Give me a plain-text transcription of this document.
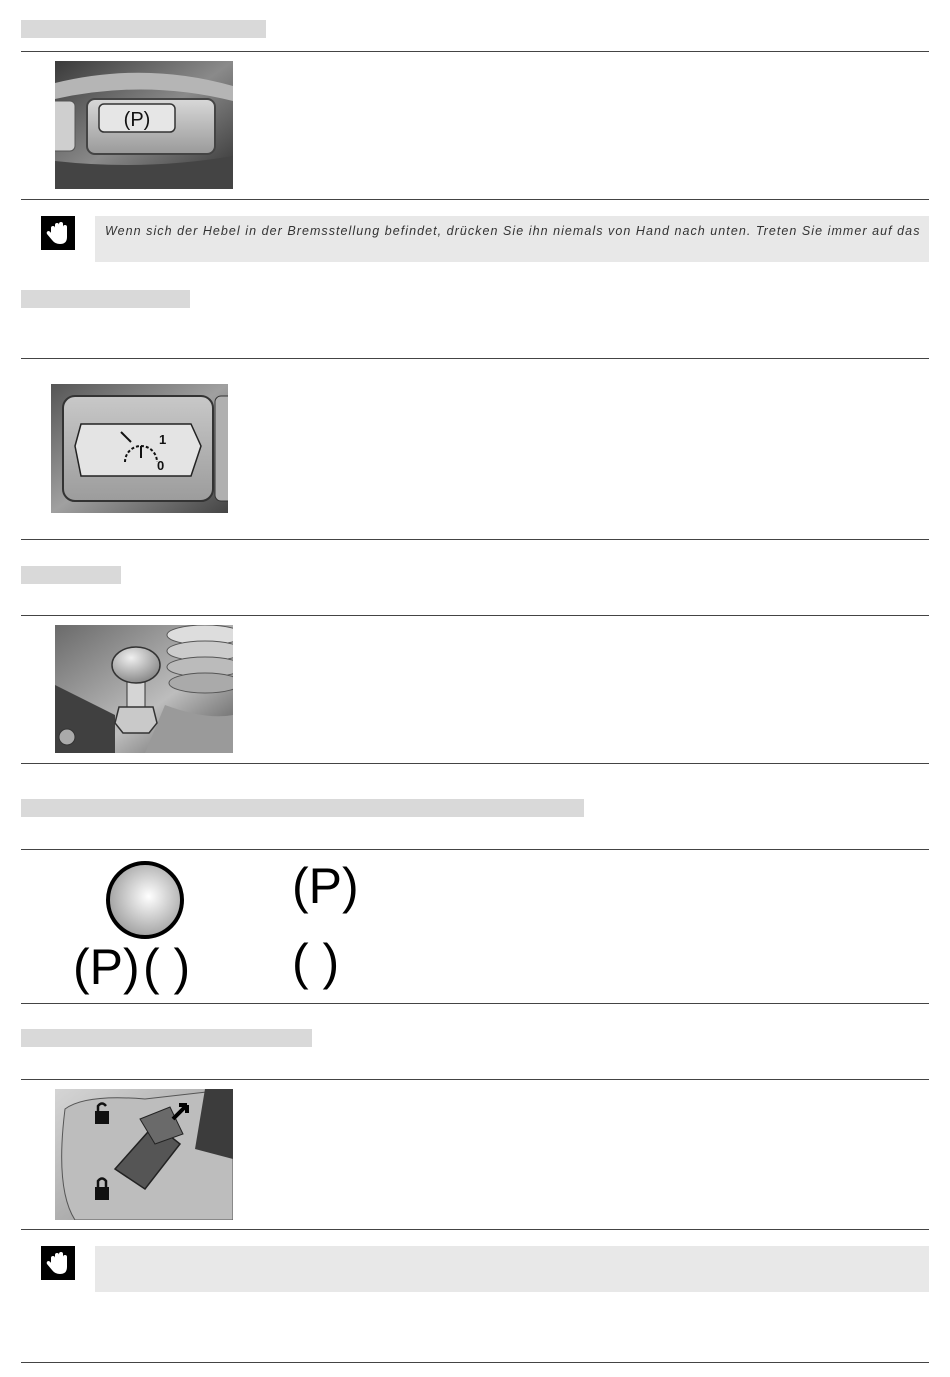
(P)
Wenn sich der Hebel in der Bremsstellung befindet, drücken Sie ihn niemals von Hand nach unten. Treten Sie immer auf das
1
0
(P) ( )
(P)
( )
